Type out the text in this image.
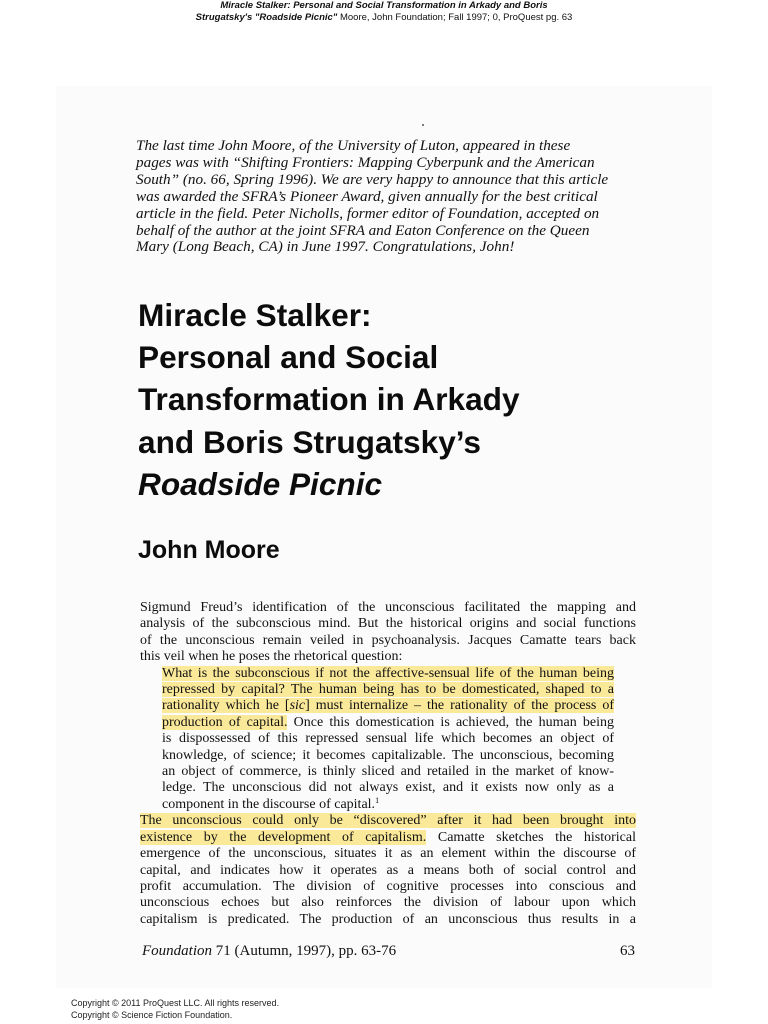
Miracle Stalker: Personal and Social Transformation in Arkady and Boris
Strugatsky's "Roadside Picnic" Moore, John Foundation; Fall 1997; 0, ProQuest pg. 63
The last time John Moore, of the University of Luton, appeared in these
pages was with “Shifting Frontiers: Mapping Cyberpunk and the American
South” (no. 66, Spring 1996). We are very happy to announce that this article
was awarded the SFRA’s Pioneer Award, given annually for the best critical
article in the field. Peter Nicholls, former editor of Foundation, accepted on
behalf of the author at the joint SFRA and Eaton Conference on the Queen
Mary (Long Beach, CA) in June 1997. Congratulations, John!
Miracle Stalker:
Personal and Social
Transformation in Arkady
and Boris Strugatsky’s
Roadside Picnic
John Moore
Sigmund Freud’s identification of the unconscious facilitated the mapping and
analysis of the subconscious mind. But the historical origins and social functions
of the unconscious remain veiled in psychoanalysis. Jacques Camatte tears back
this veil when he poses the rhetorical question:
What is the subconscious if not the affective-sensual life of the human being
repressed by capital? The human being has to be domesticated, shaped to a
rationality which he [sic] must internalize – the rationality of the process of
production of capital. Once this domestication is achieved, the human being
is dispossessed of this repressed sensual life which becomes an object of
knowledge, of science; it becomes capitalizable. The unconscious, becoming
an object of commerce, is thinly sliced and retailed in the market of know-
ledge. The unconscious did not always exist, and it exists now only as a
component in the discourse of capital.$^1$
The unconscious could only be “discovered” after it had been brought into
existence by the development of capitalism. Camatte sketches the historical
emergence of the unconscious, situates it as an element within the discourse of
capital, and indicates how it operates as a means both of social control and
profit accumulation. The division of cognitive processes into conscious and
unconscious echoes but also reinforces the division of labour upon which
capitalism is predicated. The production of an unconscious thus results in a
Foundation 71 (Autumn, 1997), pp. 63-76	63
Copyright © 2011 ProQuest LLC. All rights reserved.
Copyright © Science Fiction Foundation.
